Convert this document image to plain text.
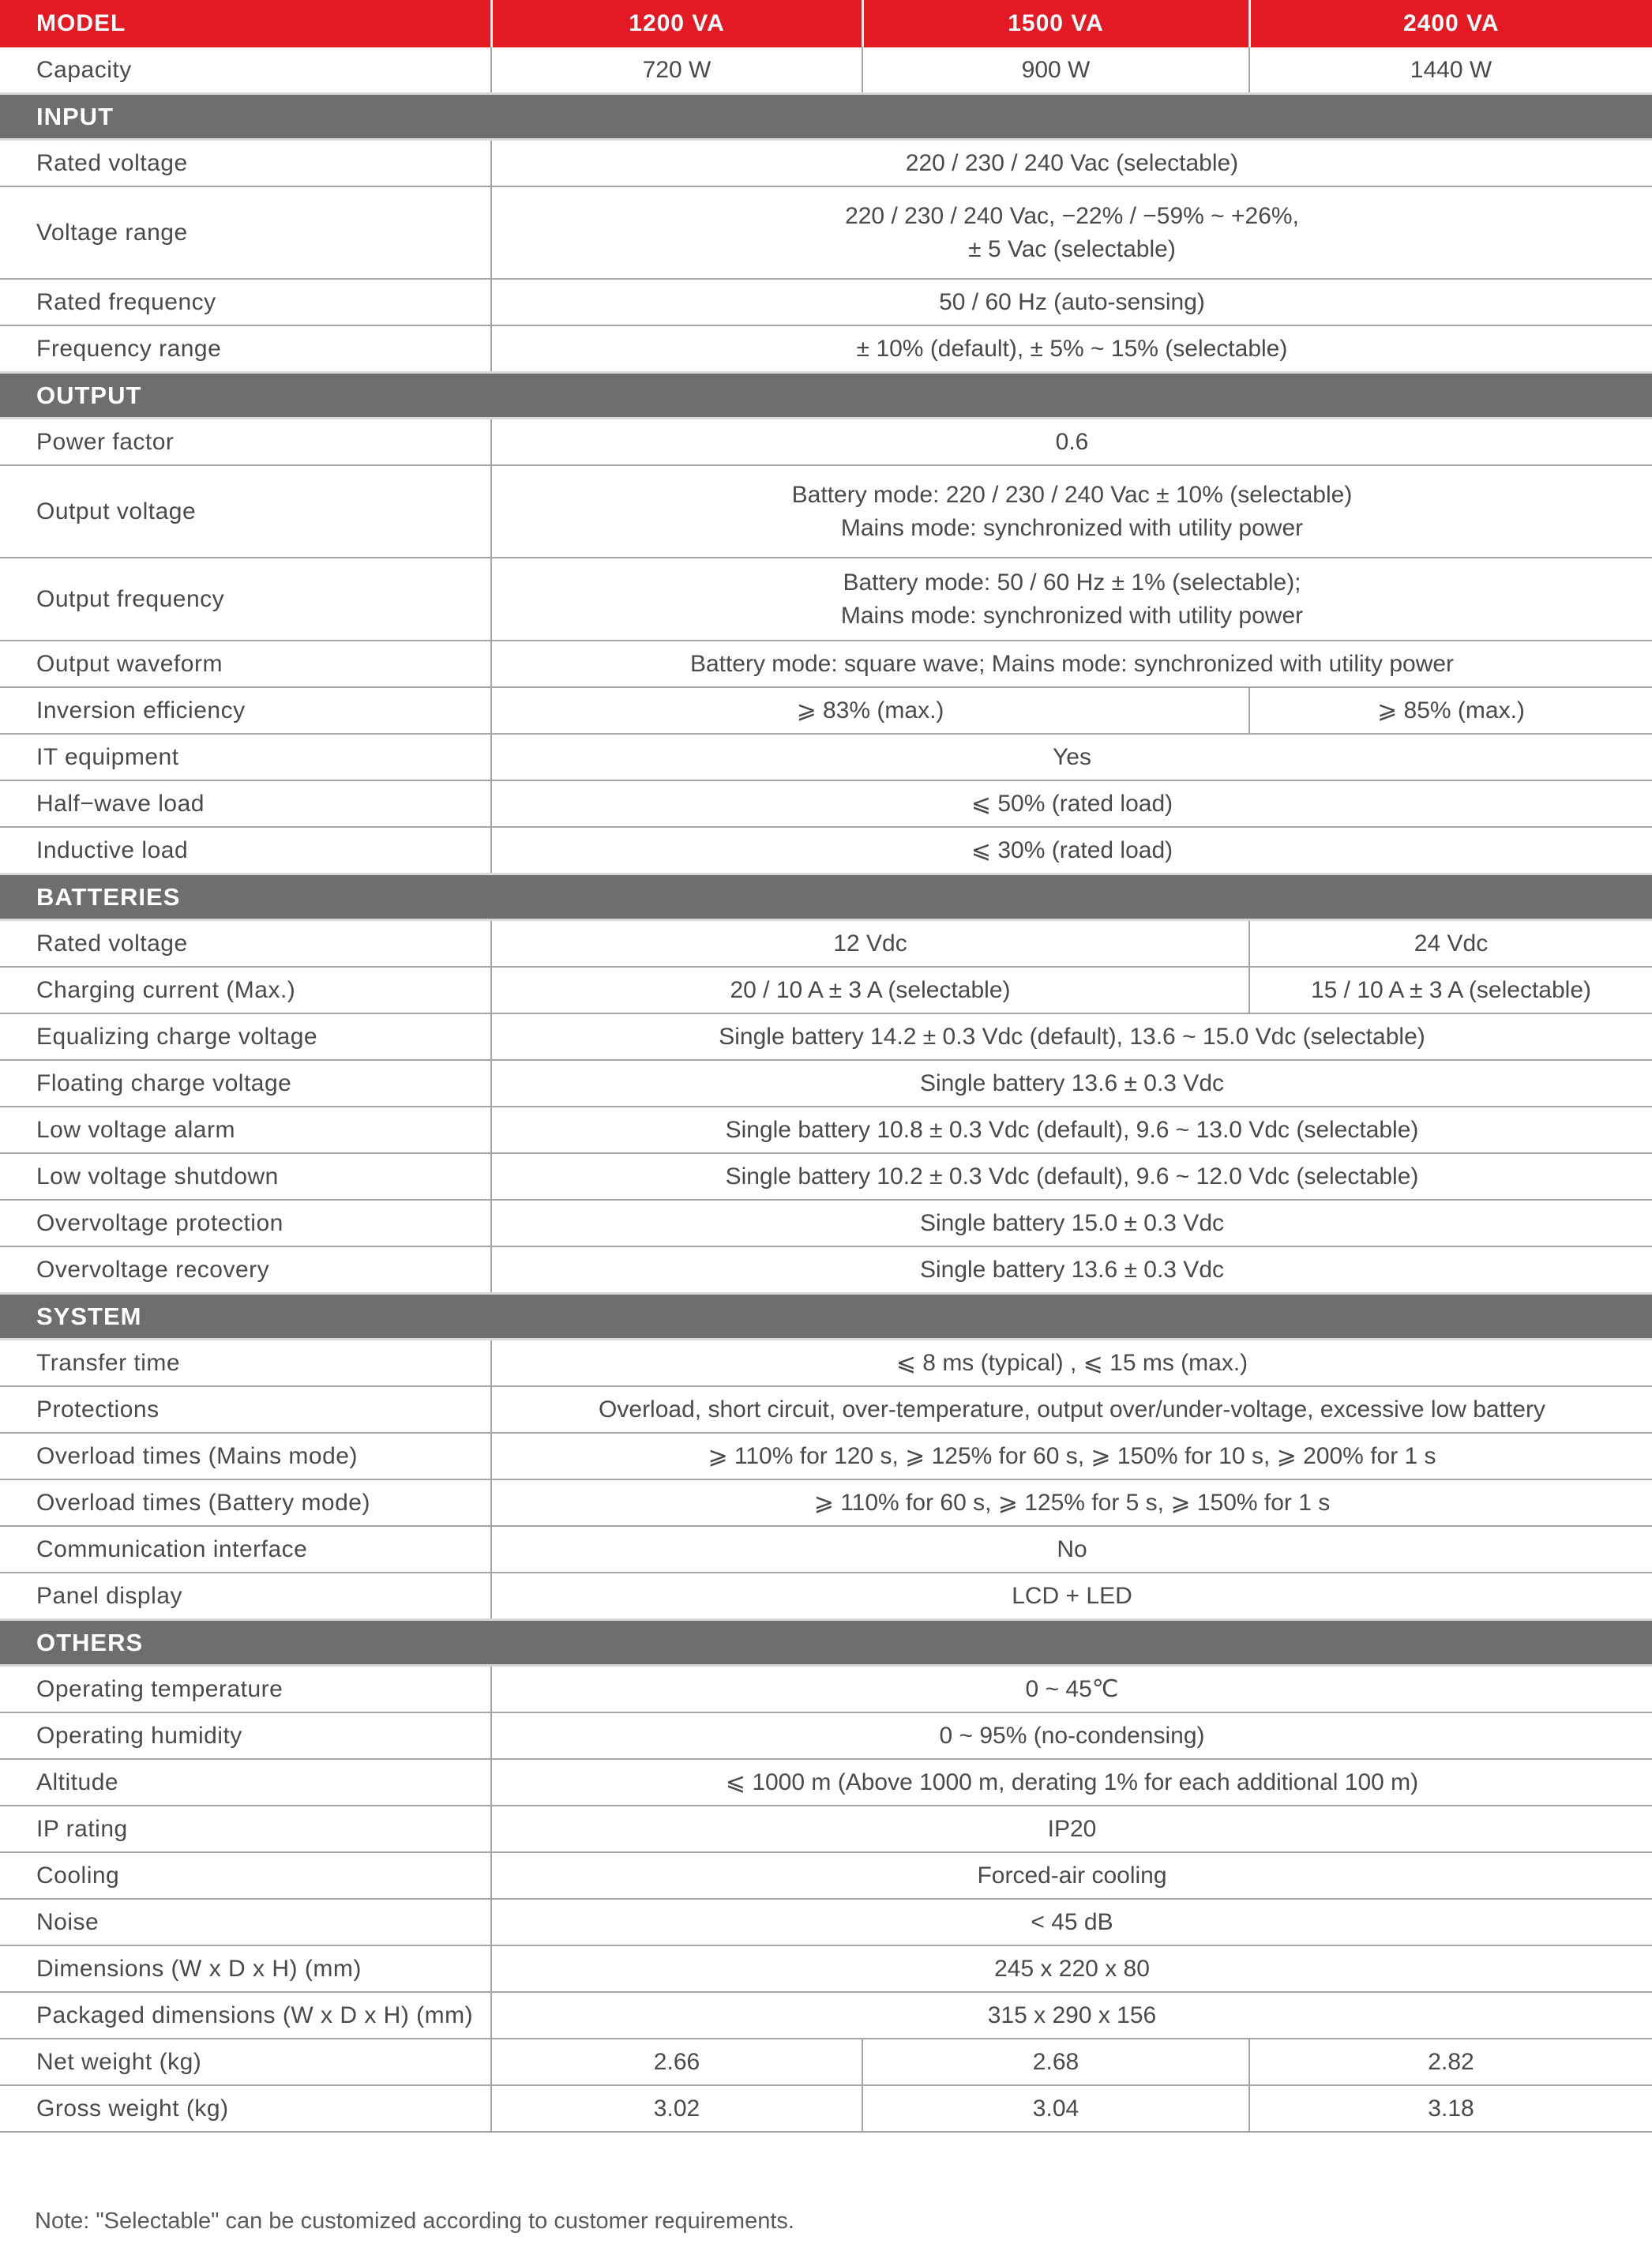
MODEL	1200 VA	1500 VA	2400 VA
Capacity	720 W	900 W	1440 W
INPUT			
Rated voltage	220 / 230 / 240 Vac (selectable)		
Voltage range	220 / 230 / 240 Vac, −22% / −59% ~ +26%,
± 5 Vac (selectable)		

Rated frequency	50 / 60 Hz (auto-sensing)		
Frequency range	± 10% (default), ± 5% ~ 15% (selectable)		
OUTPUT			
Power factor	0.6		
Output voltage	Battery mode: 220 / 230 / 240 Vac ± 10% (selectable)
Mains mode: synchronized with utility power		

Output frequency	Battery mode: 50 / 60 Hz ± 1% (selectable);
Mains mode: synchronized with utility power		

Output waveform	Battery mode: square wave; Mains mode: synchronized with utility power		
Inversion efficiency	⩾ 83% (max.)		⩾ 85% (max.)
IT equipment	Yes		
Half−wave load	⩽ 50% (rated load)		
Inductive load	⩽ 30% (rated load)		
BATTERIES			
Rated voltage	12 Vdc		24 Vdc
Charging current (Max.)	20 / 10 A ± 3 A (selectable)		15 / 10 A ± 3 A (selectable)
Equalizing charge voltage	Single battery 14.2 ± 0.3 Vdc (default), 13.6 ~ 15.0 Vdc (selectable)		
Floating charge voltage	Single battery 13.6 ± 0.3 Vdc		
Low voltage alarm	Single battery 10.8 ± 0.3 Vdc (default), 9.6 ~ 13.0 Vdc (selectable)		
Low voltage shutdown	Single battery 10.2 ± 0.3 Vdc (default), 9.6 ~ 12.0 Vdc (selectable)		
Overvoltage protection	Single battery 15.0 ± 0.3 Vdc		
Overvoltage recovery	Single battery 13.6 ± 0.3 Vdc		
SYSTEM			
Transfer time	⩽ 8 ms (typical) , ⩽ 15 ms (max.)		
Protections	Overload, short circuit, over-temperature, output over/under-voltage, excessive low battery		
Overload times (Mains mode)	⩾ 110% for 120 s, ⩾ 125% for 60 s, ⩾ 150% for 10 s, ⩾ 200% for 1 s		
Overload times (Battery mode)	⩾ 110% for 60 s, ⩾ 125% for 5 s, ⩾ 150% for 1 s		
Communication interface	No		
Panel display	LCD + LED		
OTHERS			
Operating temperature	0 ~ 45℃		
Operating humidity	0 ~ 95% (no-condensing)		
Altitude	⩽ 1000 m (Above 1000 m, derating 1% for each additional 100 m)		
IP rating	IP20		
Cooling	Forced-air cooling		
Noise	< 45 dB		
Dimensions (W x D x H) (mm)	245 x 220 x 80		
Packaged dimensions (W x D x H) (mm)	315 x 290 x 156		
Net weight (kg)	2.66	2.68	2.82
Gross weight (kg)	3.02	3.04	3.18
Note: "Selectable" can be customized according to customer requirements.
